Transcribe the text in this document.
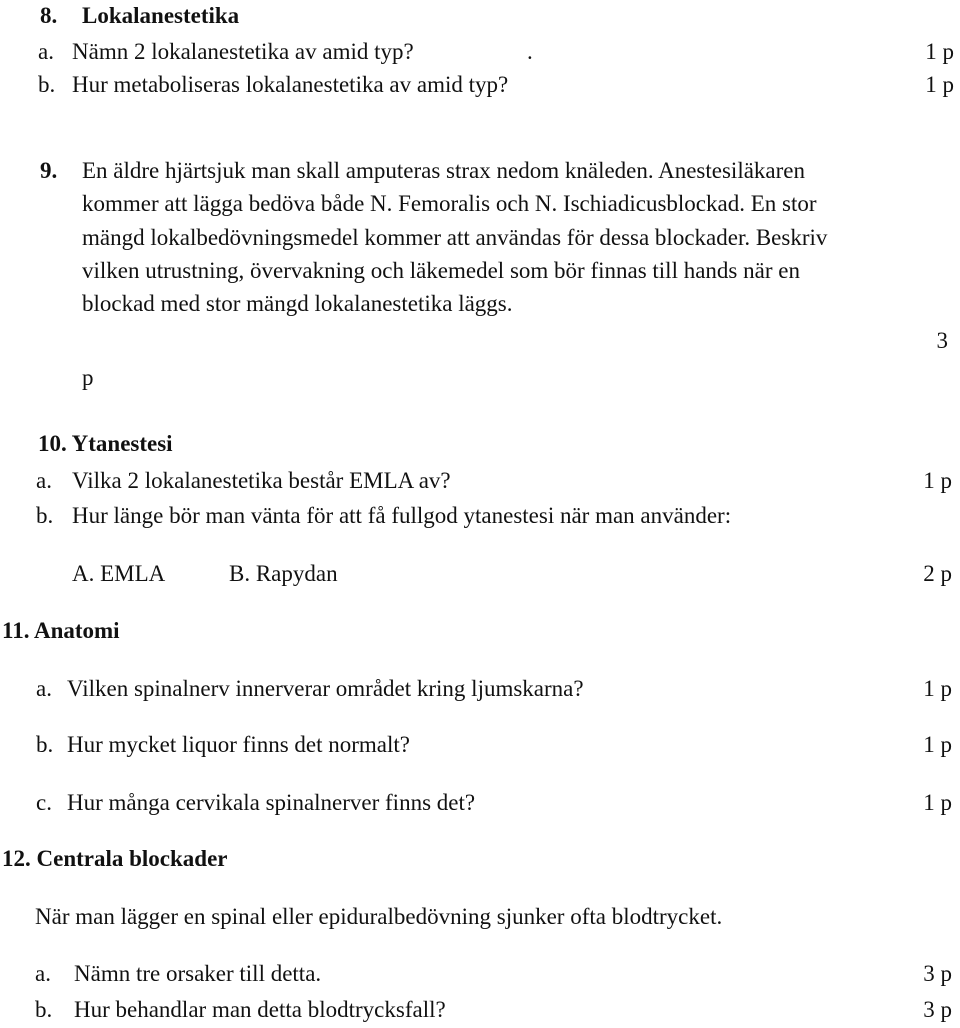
8. Lokalanestetika
a. Nämn 2 lokalanestetika av amid typ?	.	1 p
b. Hur metaboliseras lokalanestetika av amid typ?	1 p
9. En äldre hjärtsjuk man skall amputeras strax nedom knäleden. Anestesiläkaren
kommer att lägga bedöva både N. Femoralis och N. Ischiadicusblockad. En stor
mängd lokalbedövningsmedel kommer att användas för dessa blockader. Beskriv
vilken utrustning, övervakning och läkemedel som bör finnas till hands när en
blockad med stor mängd lokalanestetika läggs.
3
p
10. Ytanestesi
a. Vilka 2 lokalanestetika består EMLA av?	1 p
b. Hur länge bör man vänta för att få fullgod ytanestesi när man använder:
A. EMLA	B. Rapydan	2 p
11. Anatomi
a. Vilken spinalnerv innerverar området kring ljumskarna?	1 p
b. Hur mycket liquor finns det normalt?	1 p
c. Hur många cervikala spinalnerver finns det?	1 p
12. Centrala blockader
När man lägger en spinal eller epiduralbedövning sjunker ofta blodtrycket.
a. Nämn tre orsaker till detta.	3 p
b. Hur behandlar man detta blodtrycksfall?	3 p
